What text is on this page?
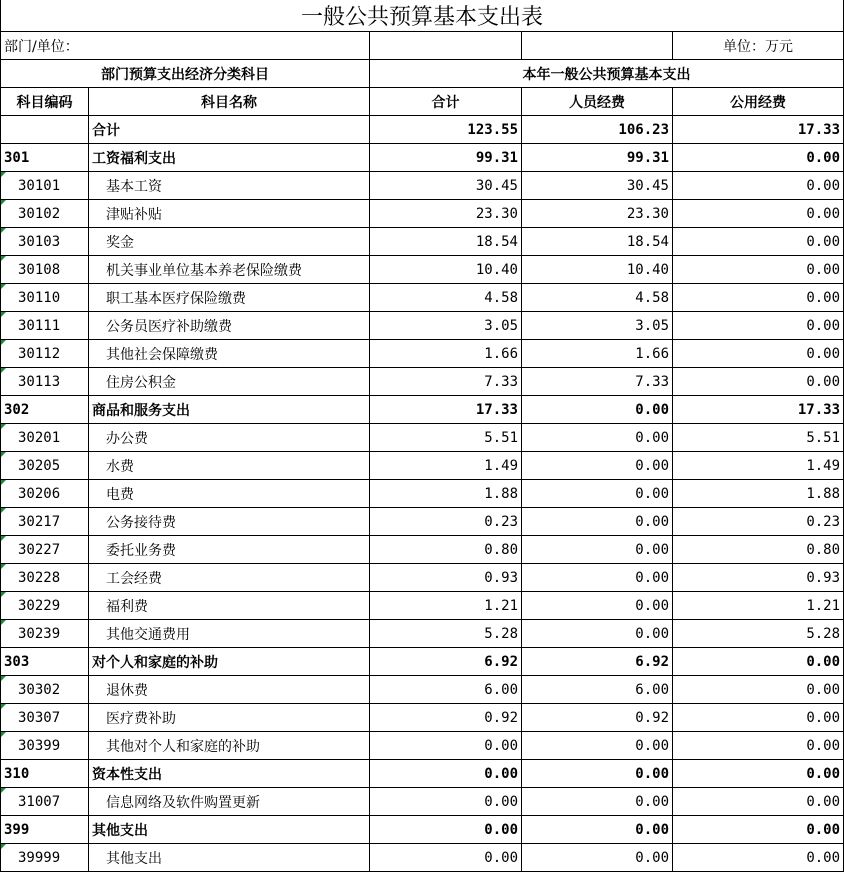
一般公共预算基本支出表				
部门/单位：				单位：万元
部门预算支出经济分类科目		本年一般公共预算基本支出		
科目编码	科目名称	合计	人员经费	公用经费
	合计	123.55	106.23	17.33
301	工资福利支出	99.31	99.31	0.00
30101	基本工资	30.45	30.45	0.00
30102	津贴补贴	23.30	23.30	0.00
30103	奖金	18.54	18.54	0.00
30108	机关事业单位基本养老保险缴费	10.40	10.40	0.00
30110	职工基本医疗保险缴费	4.58	4.58	0.00
30111	公务员医疗补助缴费	3.05	3.05	0.00
30112	其他社会保障缴费	1.66	1.66	0.00
30113	住房公积金	7.33	7.33	0.00
302	商品和服务支出	17.33	0.00	17.33
30201	办公费	5.51	0.00	5.51
30205	水费	1.49	0.00	1.49
30206	电费	1.88	0.00	1.88
30217	公务接待费	0.23	0.00	0.23
30227	委托业务费	0.80	0.00	0.80
30228	工会经费	0.93	0.00	0.93
30229	福利费	1.21	0.00	1.21
30239	其他交通费用	5.28	0.00	5.28
303	对个人和家庭的补助	6.92	6.92	0.00
30302	退休费	6.00	6.00	0.00
30307	医疗费补助	0.92	0.92	0.00
30399	其他对个人和家庭的补助	0.00	0.00	0.00
310	资本性支出	0.00	0.00	0.00
31007	信息网络及软件购置更新	0.00	0.00	0.00
399	其他支出	0.00	0.00	0.00
39999	其他支出	0.00	0.00	0.00
